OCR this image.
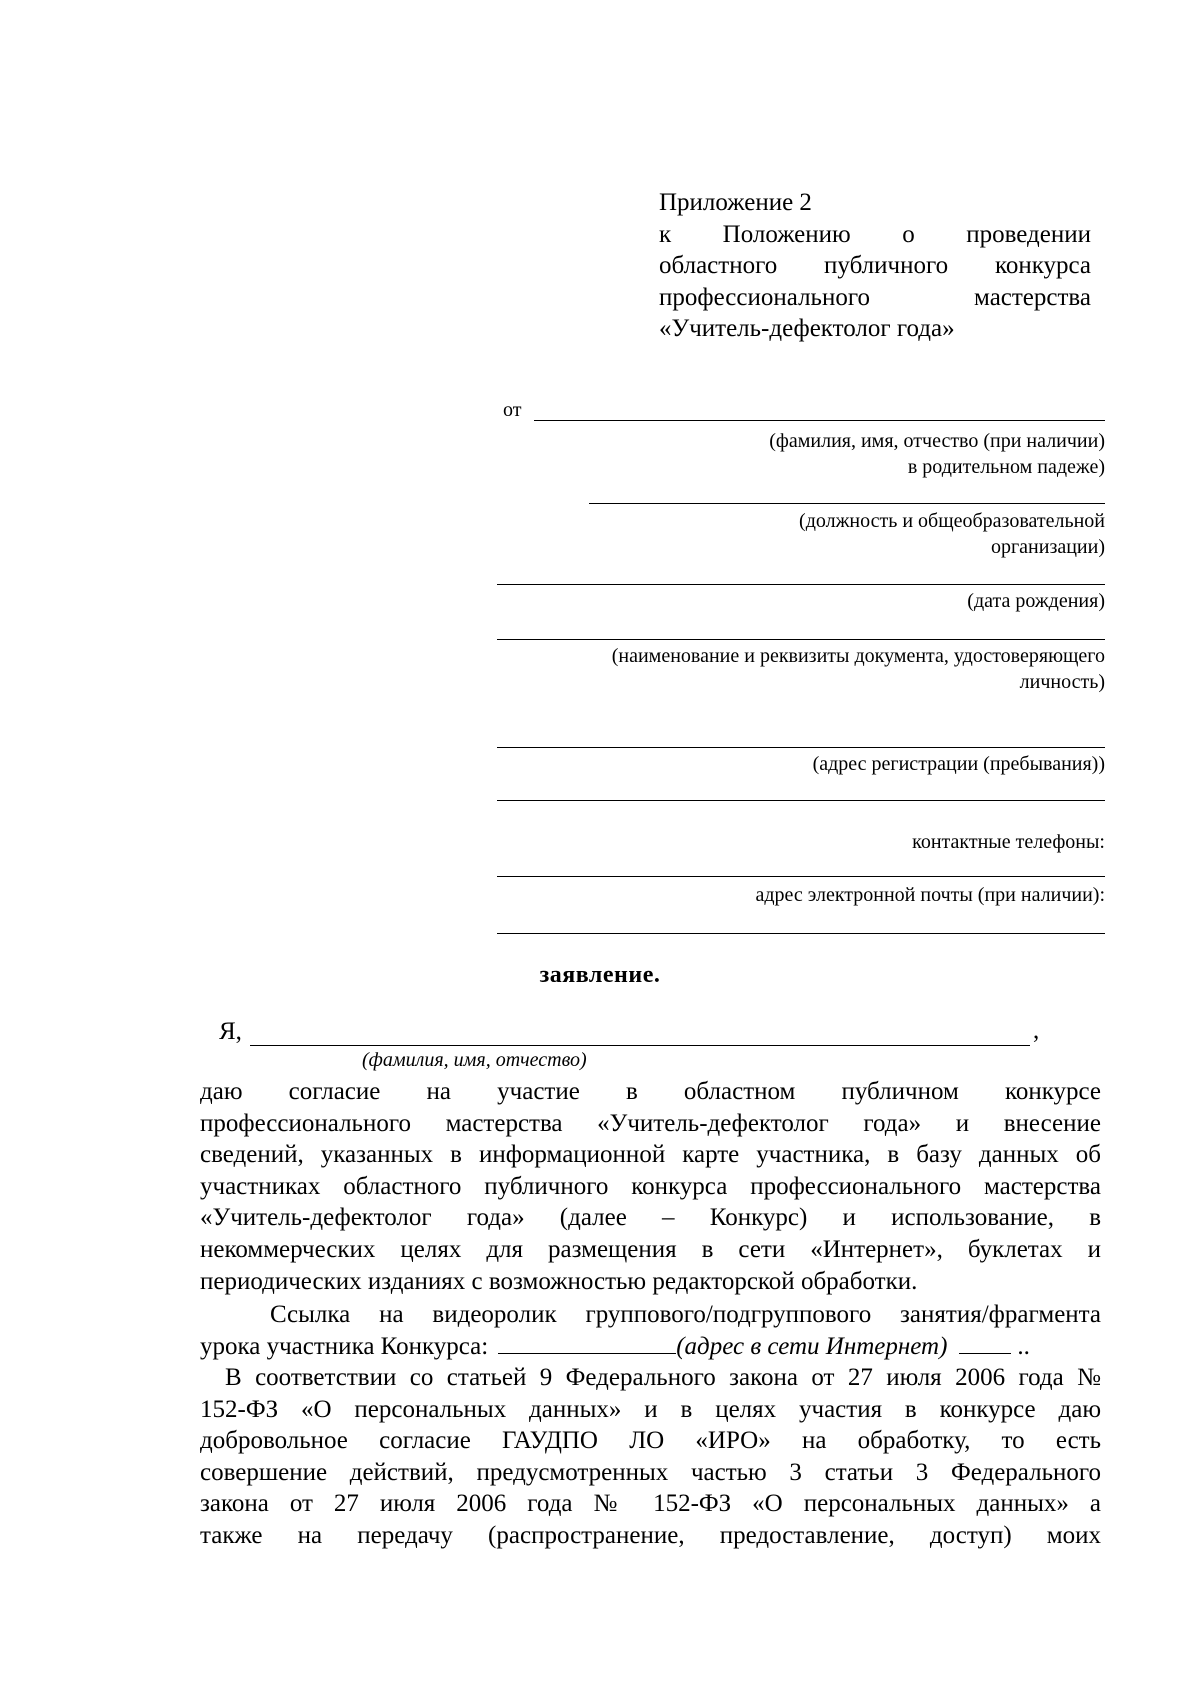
Приложение 2
к Положению о проведении
областного публичного конкурса
профессионального мастерства
«Учитель-дефектолог года»
от
(фамилия, имя, отчество (при наличии)
в родительном падеже)
(должность и общеобразовательной
организации)
(дата рождения)
(наименование и реквизиты документа, удостоверяющего
личность)
(адрес регистрации (пребывания))
контактные телефоны:
адрес электронной почты (при наличии):
заявление.
Я,	,
(фамилия, имя, отчество)
даю согласие на участие в областном публичном конкурсе
профессионального мастерства «Учитель-дефектолог года» и внесение
сведений, указанных в информационной карте участника, в базу данных об
участниках областного публичного конкурса профессионального мастерства
«Учитель-дефектолог года» (далее – Конкурс) и использование, в
некоммерческих целях для размещения в сети «Интернет», буклетах и
периодических изданиях с возможностью редакторской обработки.
Ссылка на видеоролик группового/подгруппового занятия/фрагмента
урока участника Конкурса:	(адрес в сети Интернет)	..
В соответствии со статьей 9 Федерального закона от 27 июля 2006 года №
152-ФЗ «О персональных данных» и в целях участия в конкурсе даю
добровольное согласие ГАУДПО ЛО «ИРО» на обработку, то есть
совершение действий, предусмотренных частью 3 статьи 3 Федерального
закона от 27 июля 2006 года № 152-ФЗ «О персональных данных» а
также на передачу (распространение, предоставление, доступ) моих
